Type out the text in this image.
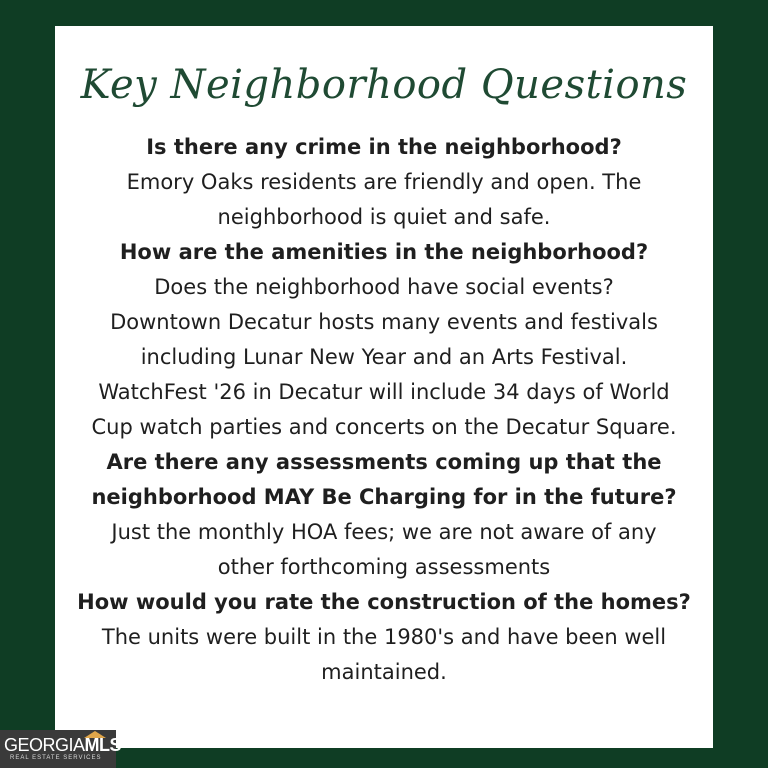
Key Neighborhood Questions

Is there any crime in the neighborhood?

Emory Oaks residents are friendly and open. The

neighborhood is quiet and safe.

How are the amenities in the neighborhood?

Does the neighborhood have social events?

Downtown Decatur hosts many events and festivals

including Lunar New Year and an Arts Festival.

WatchFest '26 in Decatur will include 34 days of World

Cup watch parties and concerts on the Decatur Square.

Are there any assessments coming up that the

neighborhood MAY Be Charging for in the future?

Just the monthly HOA fees; we are not aware of any

other forthcoming assessments

How would you rate the construction of the homes?

The units were built in the 1980's and have been well

maintained.

GEORGIAMLS
REAL ESTATE SERVICES
